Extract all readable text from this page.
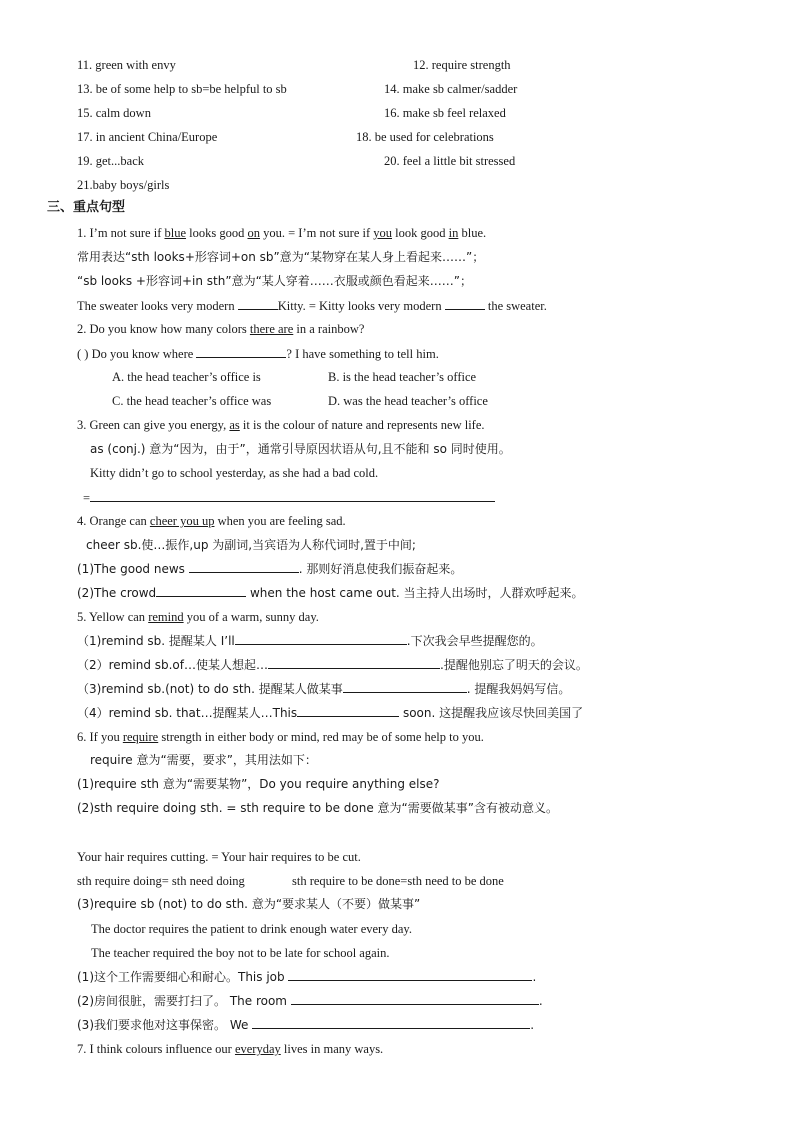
11. green with envy	12. require strength
13. be of some help to sb=be helpful to sb	14. make sb calmer/sadder
15. calm down	16. make sb feel relaxed
17. in ancient China/Europe	18. be used for celebrations
19. get...back	20. feel a little bit stressed
21.baby boys/girls
三、重点句型
1. I’m not sure if blue looks good on you. = I’m not sure if you look good in blue.
常用表达“sth looks+形容词+on sb”意为“某物穿在某人身上看起来……”；
“sb looks +形容词+in sth”意为“某人穿着……衣服或颜色看起来……”；
The sweater looks very modern	Kitty. = Kitty looks very modern	the sweater.
2. Do you know how many colors there are in a rainbow?
( ) Do you know where	? I have something to tell him.
A. the head teacher’s office is	B. is the head teacher’s office
C. the head teacher’s office was	D. was the head teacher’s office
3. Green can give you energy, as it is the colour of nature and represents new life.
as (conj.) 意为“因为，由于”，通常引导原因状语从句,且不能和 so 同时使用。
Kitty didn’t go to school yesterday, as she had a bad cold.
=
4. Orange can cheer you up when you are feeling sad.
cheer sb.使…振作,up 为副词,当宾语为人称代词时,置于中间;
(1)The good news	. 那则好消息使我们振奋起来。
(2)The crowd	when the host came out. 当主持人出场时，人群欢呼起来。
5. Yellow can remind you of a warm, sunny day.
（1)remind sb. 提醒某人 I’ll	.下次我会早些提醒您的。
（2）remind sb.of…使某人想起…	.提醒他别忘了明天的会议。
（3)remind sb.(not) to do sth. 提醒某人做某事	. 提醒我妈妈写信。
（4）remind sb. that…提醒某人…This	soon. 这提醒我应该尽快回美国了
6. If you require strength in either body or mind, red may be of some help to you.
require 意为“需要，要求”，其用法如下：
(1)require sth 意为“需要某物”，Do you require anything else?
(2)sth require doing sth. = sth require to be done 意为“需要做某事”含有被动意义。
Your hair requires cutting. = Your hair requires to be cut.
sth require doing= sth need doing	sth require to be done=sth need to be done
(3)require sb (not) to do sth. 意为“要求某人（不要）做某事”
The doctor requires the patient to drink enough water every day.
The teacher required the boy not to be late for school again.
(1)这个工作需要细心和耐心。This job	.
(2)房间很脏，需要打扫了。 The room	.
(3)我们要求他对这事保密。 We	.
7. I think colours influence our everyday lives in many ways.
